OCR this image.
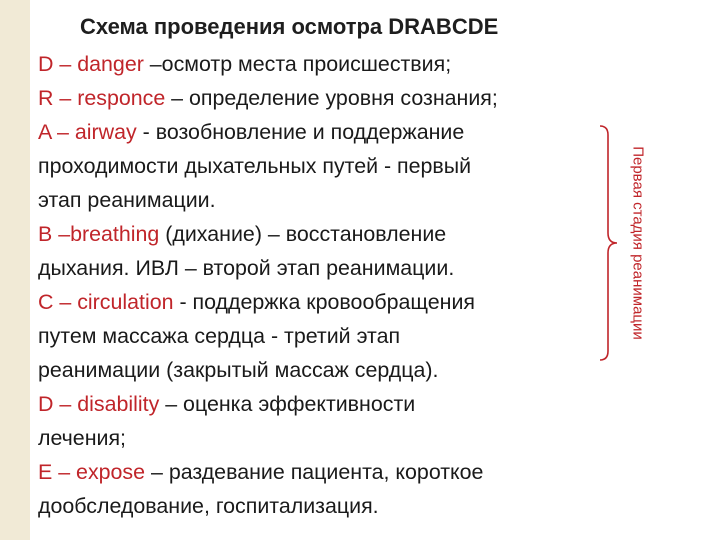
Схема проведения осмотра DRABCDE
D – danger –осмотр места происшествия;
R – responce – определение уровня сознания;
A – airway - возобновление и поддержание
проходимости дыхательных путей - первый
этап реанимации.
B –breathing (дихание) – восстановление
дыхания. ИВЛ – второй этап реанимации.
C – circulation - поддержка кровообращения
путем массажа сердца - третий этап
реанимации (закрытый массаж сердца).
D – disability – оценка эффективности
лечения;
E – expose – раздевание пациента, короткое
дообследование, госпитализация.
Первая стадия реанимации
